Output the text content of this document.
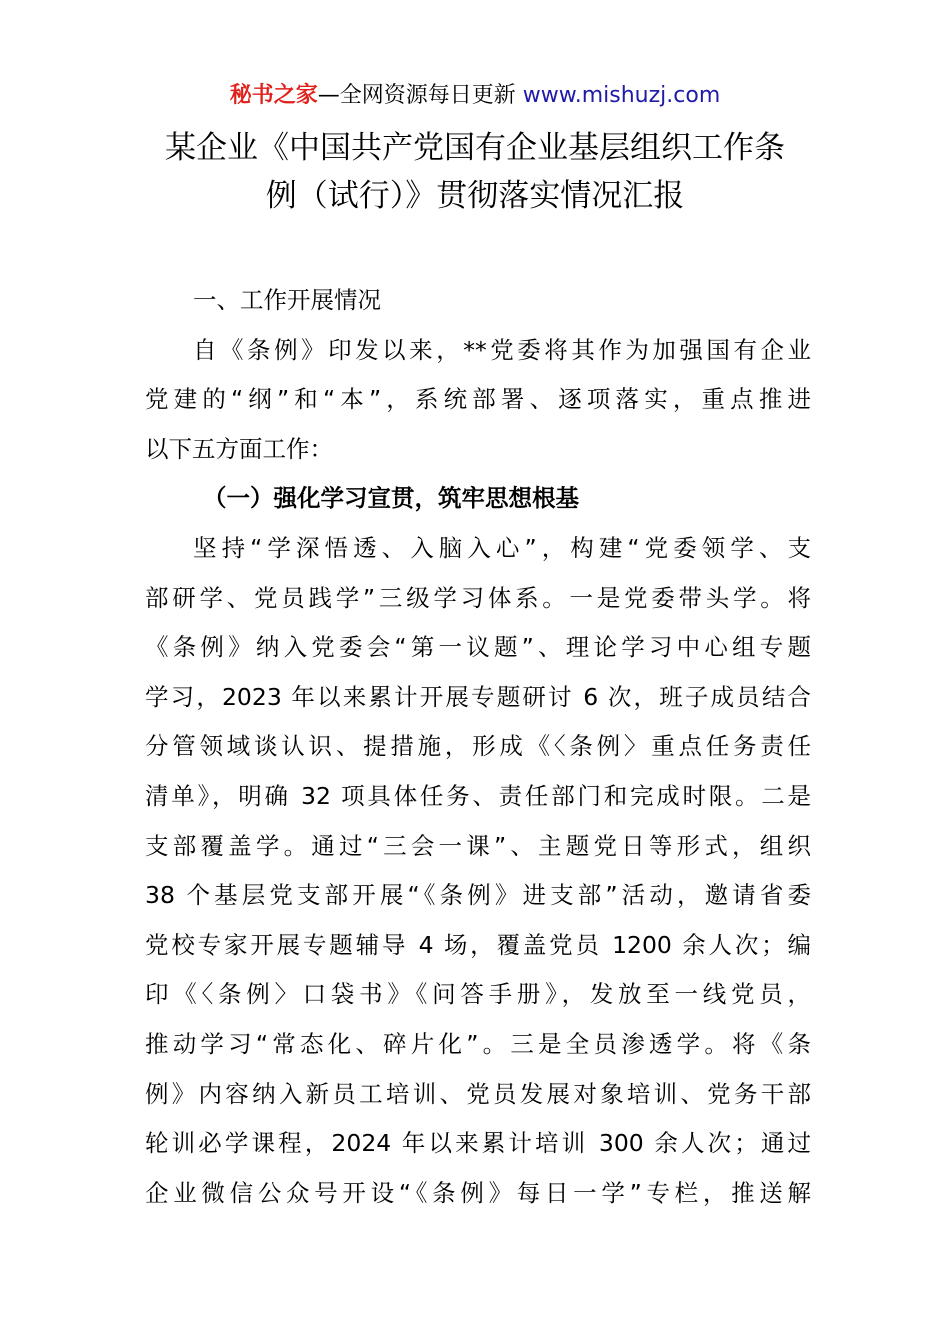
秘书之家—全网资源每日更新 www.mishuzj.com
某企业《中国共产党国有企业基层组织工作条
例（试行）》贯彻落实情况汇报
一、工作开展情况
自《条例》印发以来，**党委将其作为加强国有企业
党建的“纲”和“本”，系统部署、逐项落实，重点推进
以下五方面工作：
（一）强化学习宣贯，筑牢思想根基
坚持“学深悟透、入脑入心”，构建“党委领学、支
部研学、党员践学”三级学习体系。一是党委带头学。将
《条例》纳入党委会“第一议题”、理论学习中心组专题
学习，2023 年以来累计开展专题研讨 6 次，班子成员结合
分管领域谈认识、提措施，形成《〈条例〉重点任务责任
清单》，明确 32 项具体任务、责任部门和完成时限。二是
支部覆盖学。通过“三会一课”、主题党日等形式，组织
38 个基层党支部开展“《条例》进支部”活动，邀请省委
党校专家开展专题辅导 4 场，覆盖党员 1200 余人次；编
印《〈条例〉口袋书》《问答手册》，发放至一线党员，
推动学习“常态化、碎片化”。三是全员渗透学。将《条
例》内容纳入新员工培训、党员发展对象培训、党务干部
轮训必学课程，2024 年以来累计培训 300 余人次；通过
企业微信公众号开设“《条例》每日一学”专栏，推送解
